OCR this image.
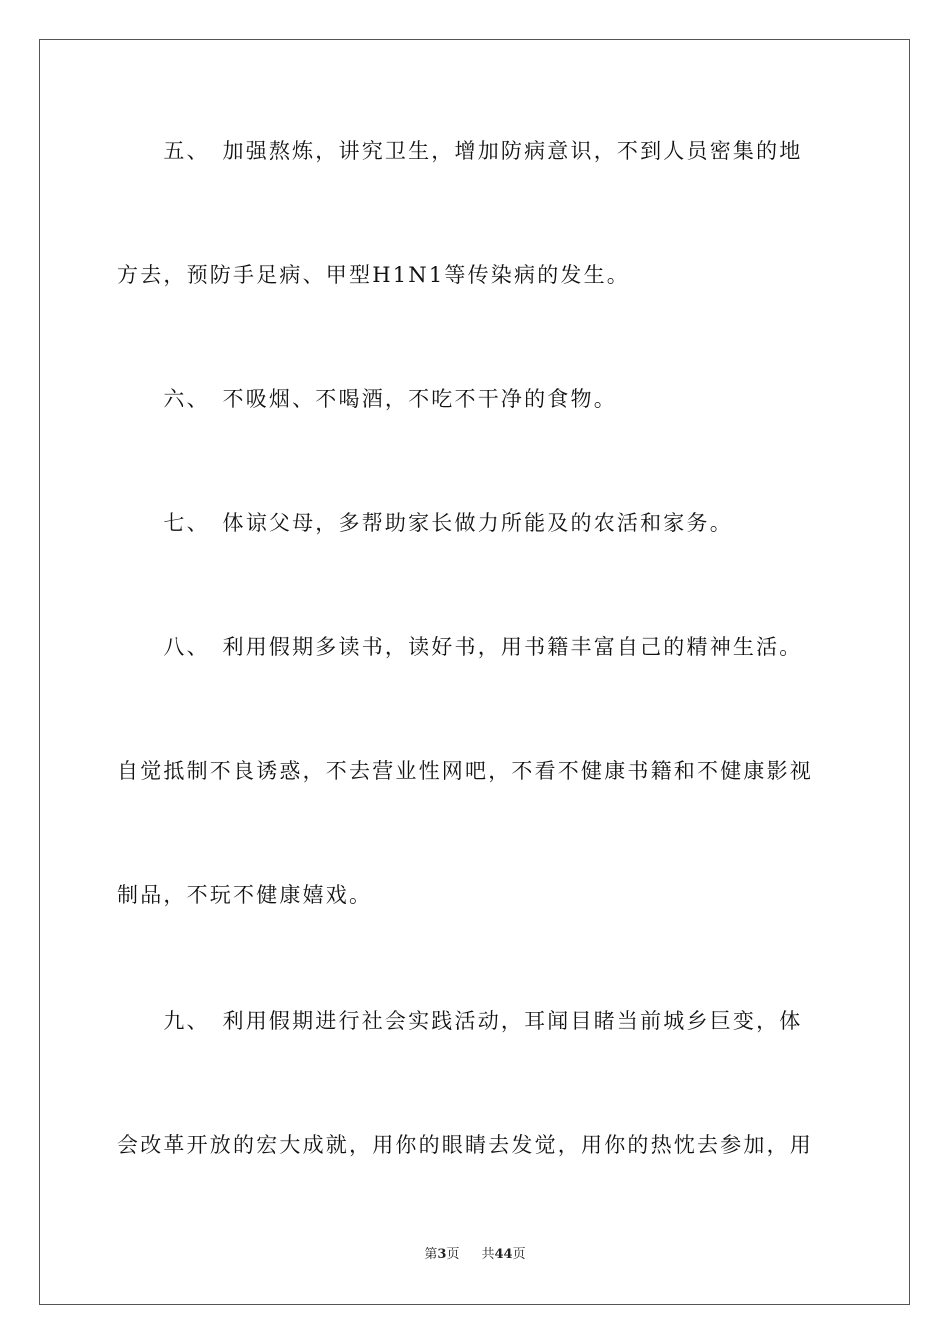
　　五、　加强熬炼，讲究卫生，增加防病意识，不到人员密集的地
方去，预防手足病、甲型H1N1等传染病的发生。
　　六、　不吸烟、不喝酒，不吃不干净的食物。
　　七、　体谅父母，多帮助家长做力所能及的农活和家务。
　　八、　利用假期多读书，读好书，用书籍丰富自己的精神生活。
自觉抵制不良诱惑，不去营业性网吧，不看不健康书籍和不健康影视
制品，不玩不健康嬉戏。
　　九、　利用假期进行社会实践活动，耳闻目睹当前城乡巨变，体
会改革开放的宏大成就，用你的眼睛去发觉，用你的热忱去参加，用
第3页 共44页
